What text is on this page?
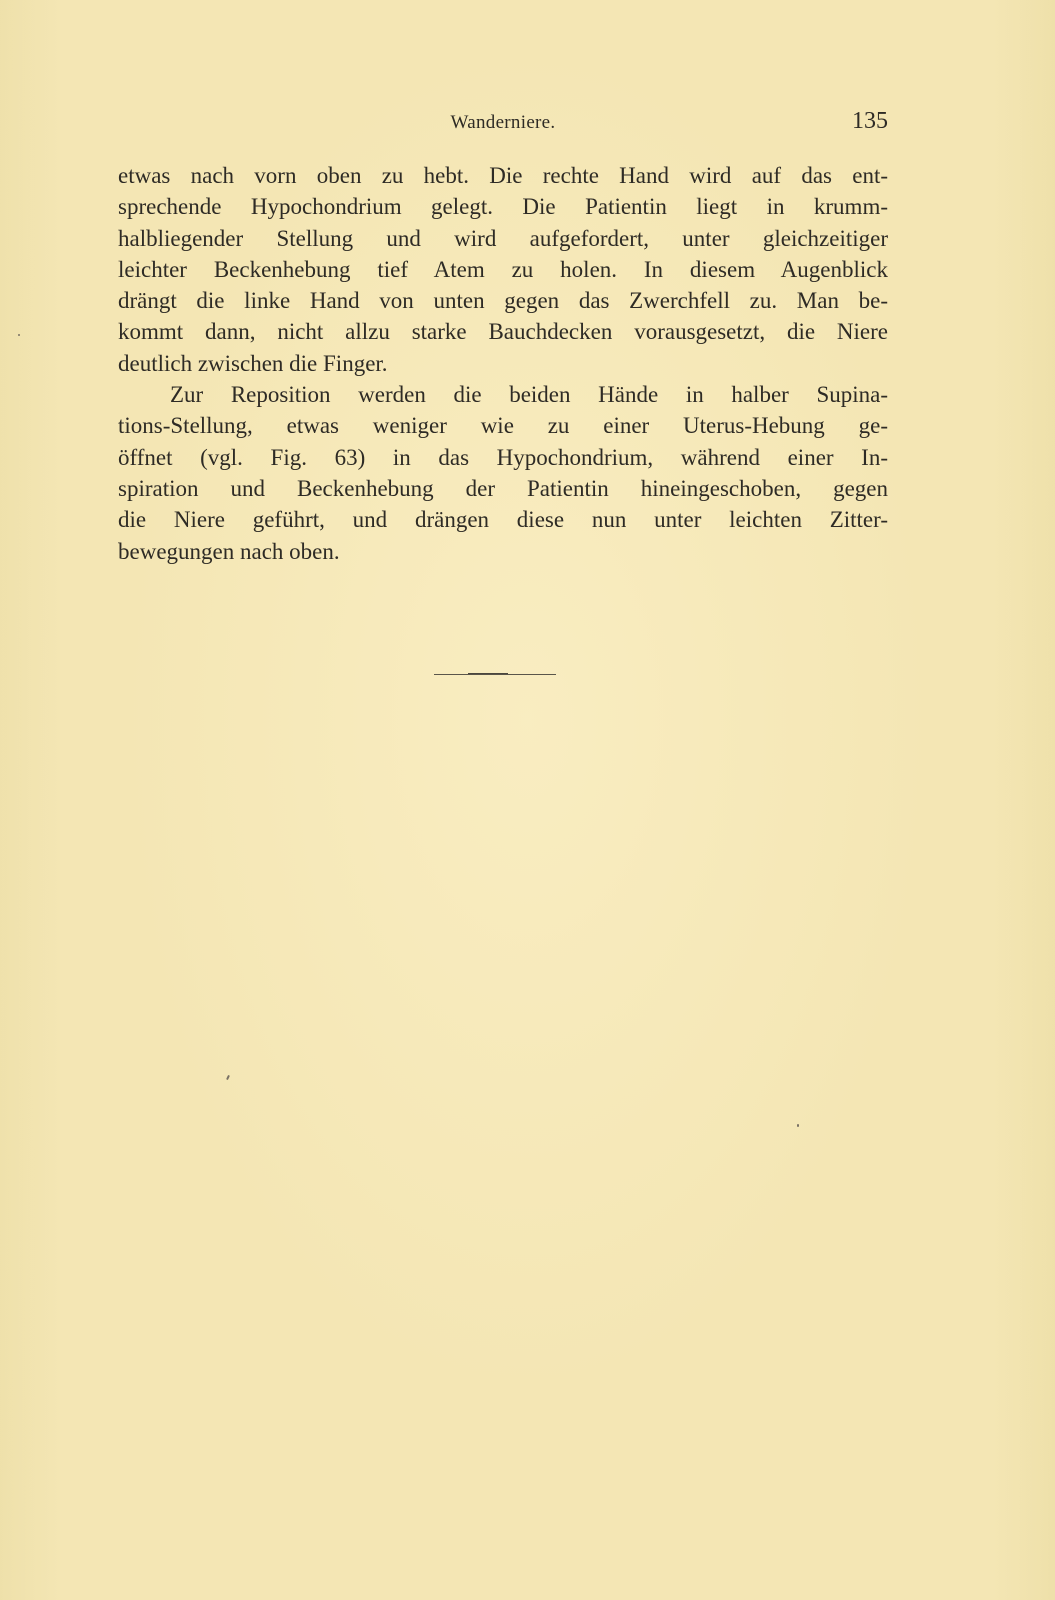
Wanderniere.	135

etwas nach vorn oben zu hebt. Die rechte Hand wird auf das ent-
sprechende Hypochondrium gelegt. Die Patientin liegt in krumm-
halbliegender Stellung und wird aufgefordert, unter gleichzeitiger
leichter Beckenhebung tief Atem zu holen. In diesem Augenblick
drängt die linke Hand von unten gegen das Zwerchfell zu. Man be-
kommt dann, nicht allzu starke Bauchdecken vorausgesetzt, die Niere
deutlich zwischen die Finger.

Zur Reposition werden die beiden Hände in halber Supina-
tions-Stellung, etwas weniger wie zu einer Uterus-Hebung ge-
öffnet (vgl. Fig. 63) in das Hypochondrium, während einer In-
spiration und Beckenhebung der Patientin hineingeschoben, gegen
die Niere geführt, und drängen diese nun unter leichten Zitter-
bewegungen nach oben.
